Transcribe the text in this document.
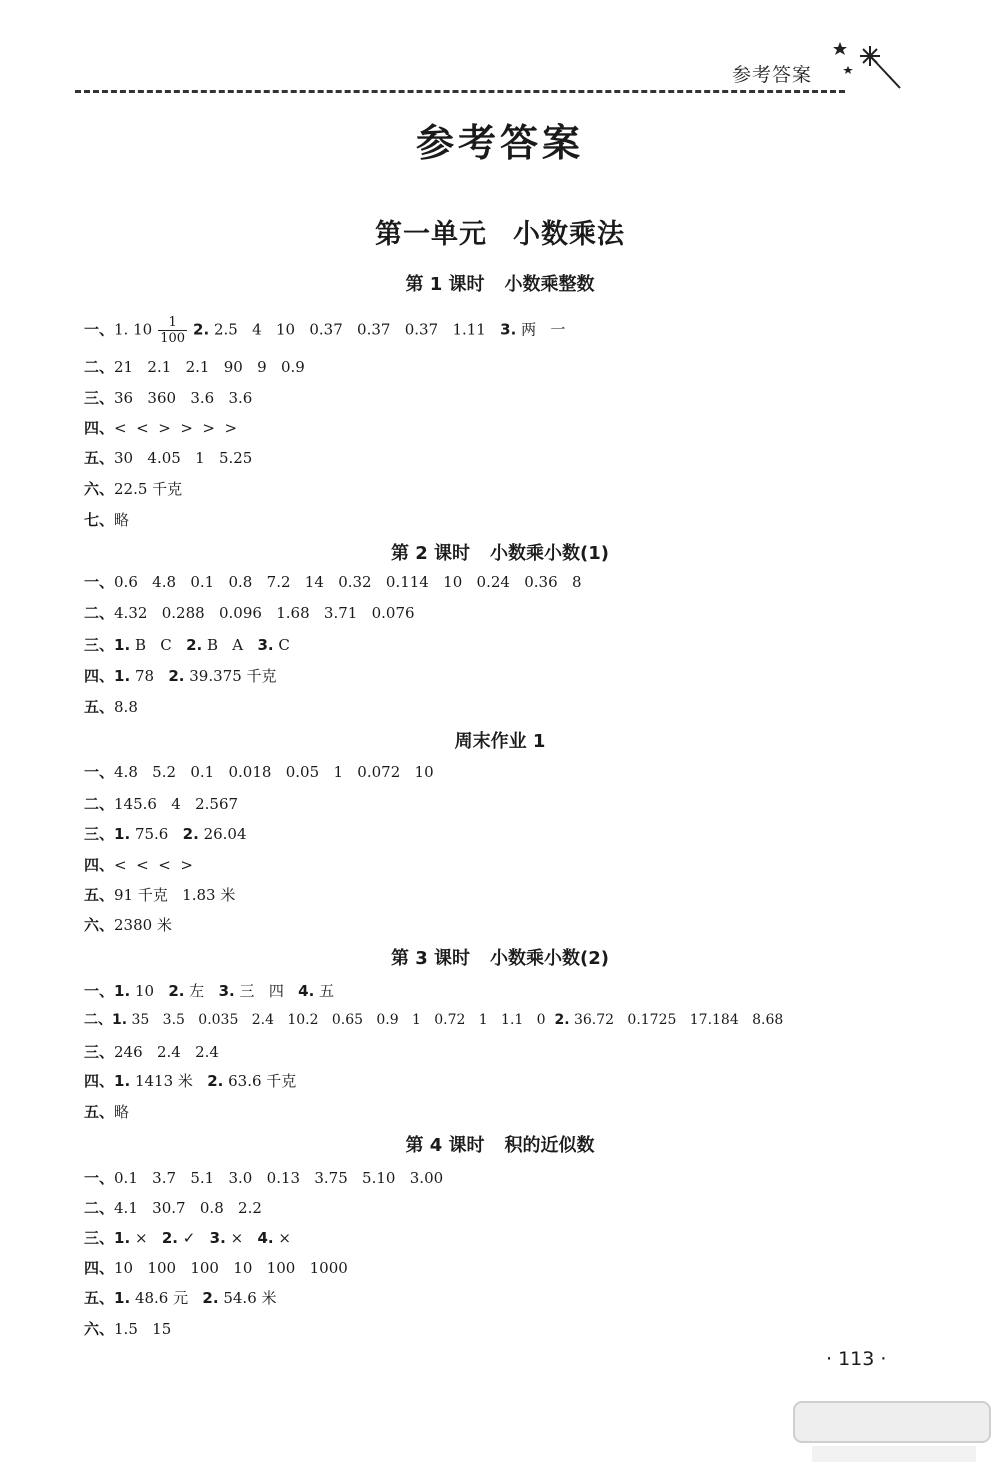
参考答案
参考答案
第一单元 小数乘法
第 1 课时 小数乘整数
第 2 课时 小数乘小数(1)
周末作业 1
第 3 课时 小数乘小数(2)
第 4 课时 积的近似数
一、1. $10 \frac{1}{100} 2$. 2.5   4   10   0.37   0.37   0.37   1.11 3. 两   一
二、21   2.1   2.1   90   9   0.9
三、36   360   3.6   3.6
四、<  <  >  >  >  >
五、30   4.05   1   5.25
六、22.5 千克
七、略
一、0.6   4.8   0.1   0.8   7.2   14   0.32   0.114   10   0.24   0.36   8
二、4.32   0.288   0.096   1.68   3.71   0.076
三、1. B   C 2. B   A 3. C
四、1. 78 2. 39.375 千克
五、8.8
一、4.8   5.2   0.1   0.018   0.05   1   0.072   10
二、145.6   4   2.567
三、1. 75.6 2. 26.04
四、<  <  <  >
五、91 千克   1.83 米
六、2380 米
一、1. 10 2. 左 3. 三   四 4. 五
二、1. 35   3.5   0.035   2.4   10.2   0.65   0.9   1   0.72   1   1.1   0 2. 36.72   0.1725   17.184   8.68
三、246   2.4   2.4
四、1. 1413 米 2. 63.6 千克
五、略
一、0.1   3.7   5.1   3.0   0.13   3.75   5.10   3.00
二、4.1   30.7   0.8   2.2
三、1. × 2. ✓ 3. × 4. ×
四、10   100   100   10   100   1000
五、1. 48.6 元 2. 54.6 米
六、1.5   15
· 113 ·
